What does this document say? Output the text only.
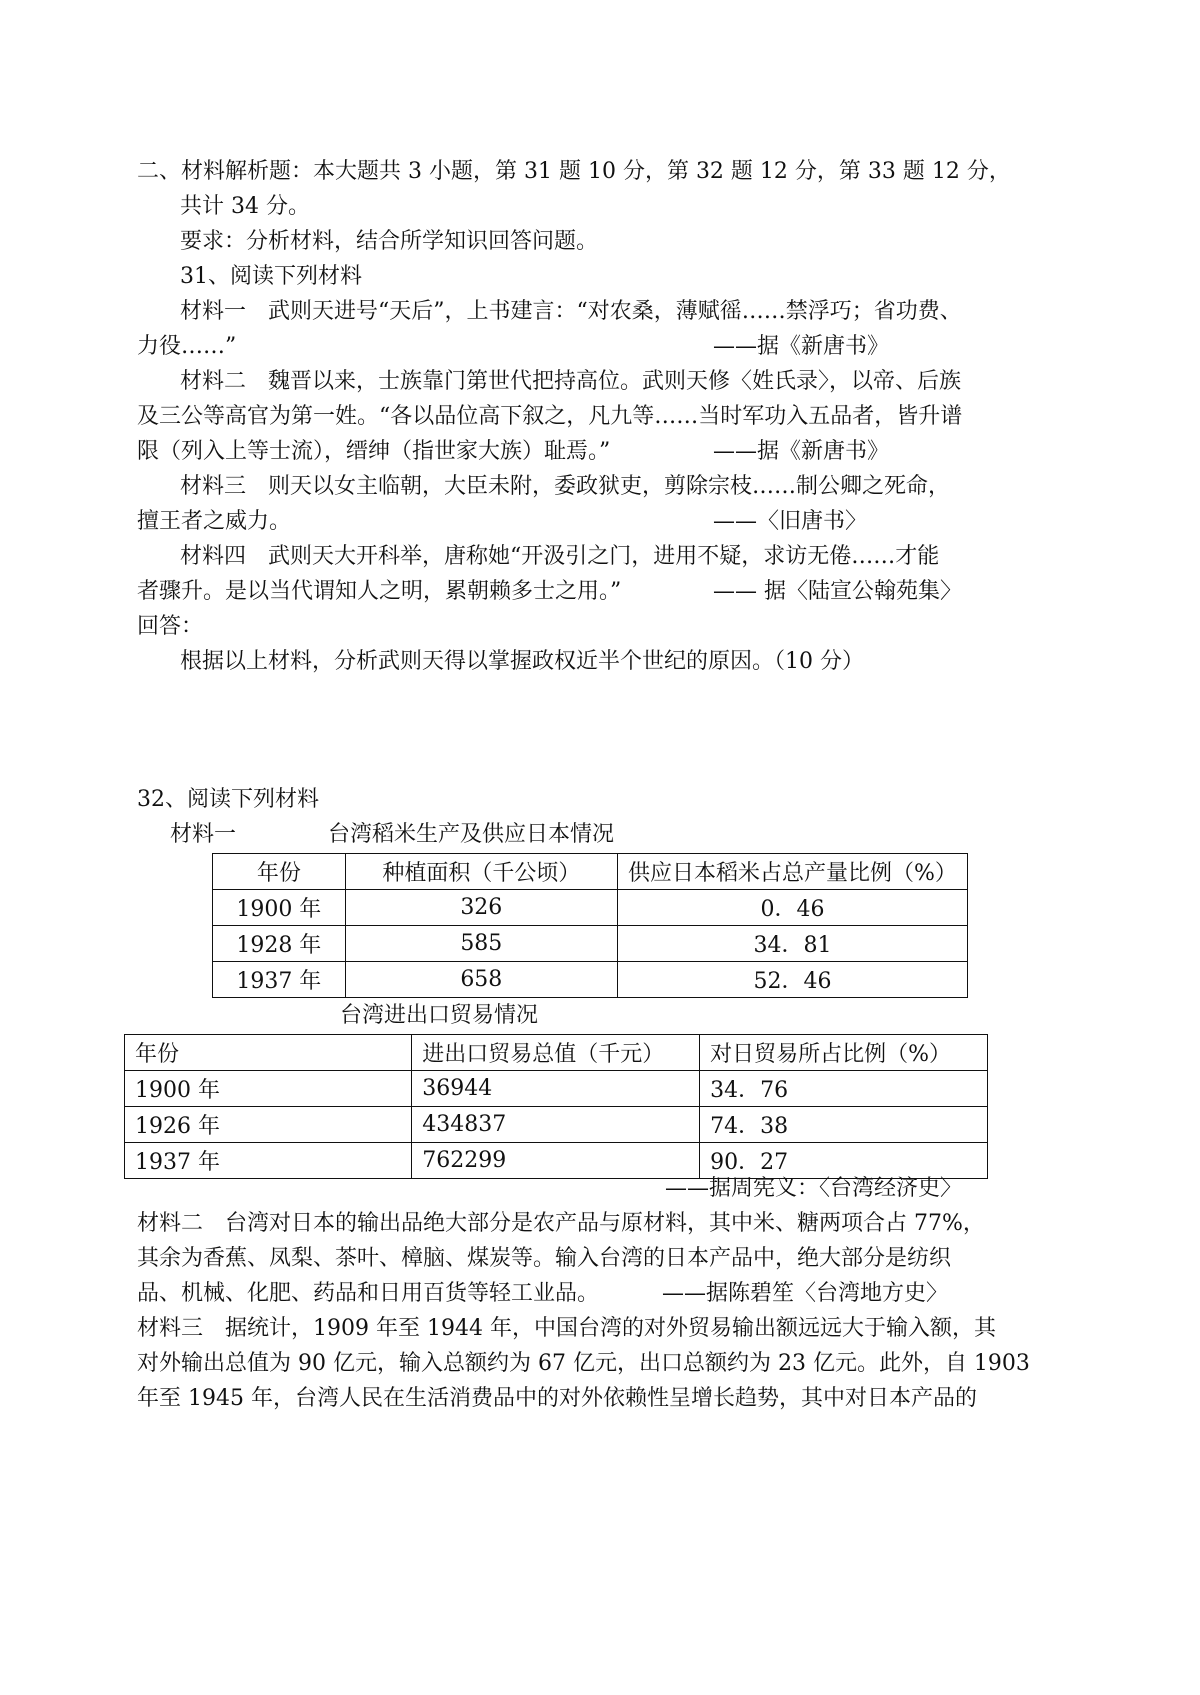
二、材料解析题：本大题共 3 小题，第 31 题 10 分，第 32 题 12 分，第 33 题 12 分，
共计 34 分。
要求：分析材料，结合所学知识回答问题。
31、阅读下列材料
材料一　武则天进号“天后”，上书建言：“对农桑，薄赋徭……禁浮巧；省功费、
力役……”	——据《新唐书》
材料二　魏晋以来，士族靠门第世代把持高位。武则天修〈姓氏录〉，以帝、后族
及三公等高官为第一姓。“各以品位高下叙之，凡九等……当时军功入五品者，皆升谱
限（列入上等士流），缙绅（指世家大族）耻焉。”	——据《新唐书》
材料三　则天以女主临朝，大臣未附，委政狱吏，剪除宗枝……制公卿之死命，
擅王者之威力。	——〈旧唐书〉
材料四　武则天大开科举，唐称她“开汲引之门，进用不疑，求访无倦……才能
者骤升。是以当代谓知人之明，累朝赖多士之用。”	—— 据〈陆宣公翰苑集〉
回答：
根据以上材料，分析武则天得以掌握政权近半个世纪的原因。（10 分）
32、阅读下列材料
材料一	台湾稻米生产及供应日本情况
年份	种植面积（千公顷）	供应日本稻米占总产量比例（%）
1900 年	326	0．46
1928 年	585	34．81
1937 年	658	52．46
台湾进出口贸易情况
年份	进出口贸易总值（千元）	对日贸易所占比例（%）
1900 年	36944	34．76
1926 年	434837	74．38
1937 年	762299	90．27
——据周宪义：〈台湾经济史〉
材料二　台湾对日本的输出品绝大部分是农产品与原材料，其中米、糖两项合占 77%，
其余为香蕉、凤梨、茶叶、樟脑、煤炭等。输入台湾的日本产品中，绝大部分是纺织
品、机械、化肥、药品和日用百货等轻工业品。	——据陈碧笙〈台湾地方史〉
材料三　据统计，1909 年至 1944 年，中国台湾的对外贸易输出额远远大于输入额，其
对外输出总值为 90 亿元，输入总额约为 67 亿元，出口总额约为 23 亿元。此外，自 1903
年至 1945 年，台湾人民在生活消费品中的对外依赖性呈增长趋势，其中对日本产品的
